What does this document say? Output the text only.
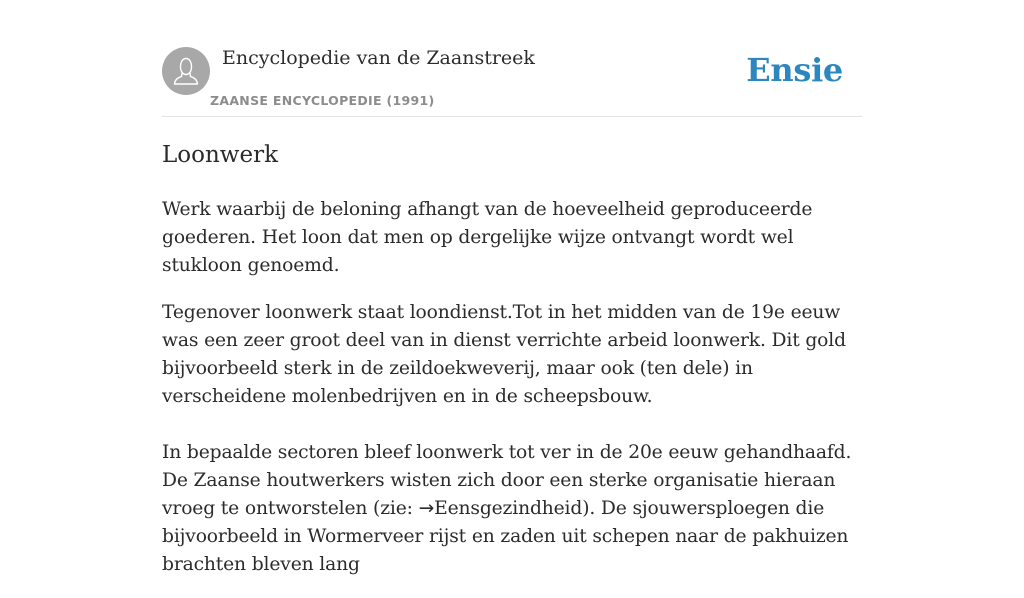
Encyclopedie van de Zaanstreek
ZAANSE ENCYCLOPEDIE (1991)
Ensie
Loonwerk

Werk waarbij de beloning afhangt van de hoeveelheid geproduceerde goederen. Het loon dat men op dergelijke wijze ontvangt wordt wel stukloon genoemd.

Tegenover loonwerk staat loondienst.Tot in het midden van de 19e eeuw was een zeer groot deel van in dienst verrichte arbeid loonwerk. Dit gold bijvoorbeeld sterk in de zeildoekweverij, maar ook (ten dele) in verscheidene molenbedrijven en in de scheepsbouw.

In bepaalde sectoren bleef loonwerk tot ver in de 20e eeuw gehandhaafd. De Zaanse houtwerkers wisten zich door een sterke organisatie hieraan vroeg te ontworstelen (zie: →Eensgezindheid). De sjouwersploegen die bijvoorbeeld in Wormerveer rijst en zaden uit schepen naar de pakhuizen brachten bleven lang
